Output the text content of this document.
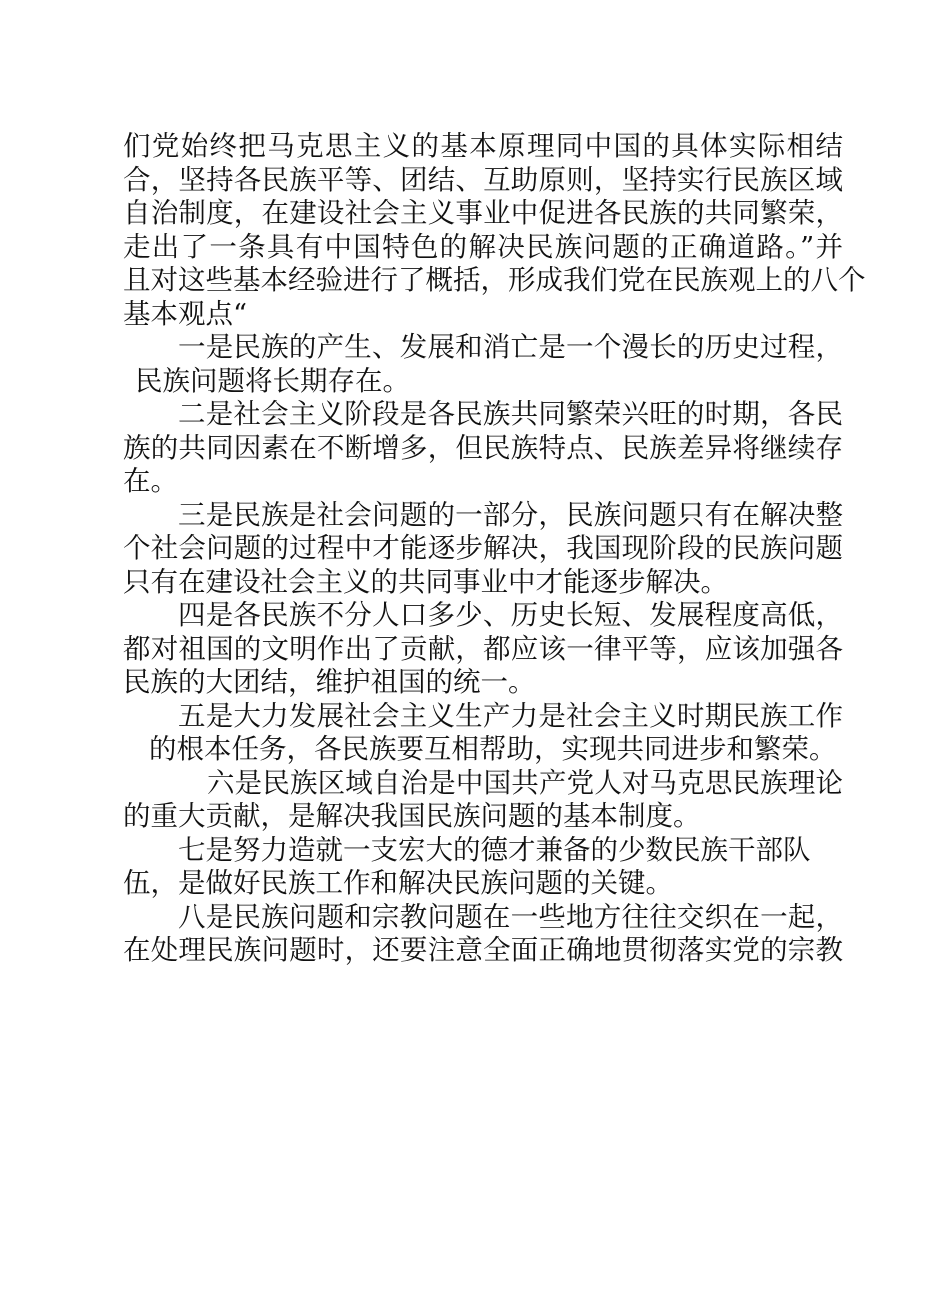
们党始终把马克思主义的基本原理同中国的具体实际相结
合，坚持各民族平等、团结、互助原则，坚持实行民族区域
自治制度，在建设社会主义事业中促进各民族的共同繁荣，
走出了一条具有中国特色的解决民族问题的正确道路。”并
且对这些基本经验进行了概括，形成我们党在民族观上的八个
基本观点“
一是民族的产生、发展和消亡是一个漫长的历史过程，
民族问题将长期存在。
二是社会主义阶段是各民族共同繁荣兴旺的时期，各民
族的共同因素在不断增多，但民族特点、民族差异将继续存
在。
三是民族是社会问题的一部分，民族问题只有在解决整
个社会问题的过程中才能逐步解决，我国现阶段的民族问题
只有在建设社会主义的共同事业中才能逐步解决。
四是各民族不分人口多少、历史长短、发展程度高低，
都对祖国的文明作出了贡献，都应该一律平等，应该加强各
民族的大团结，维护祖国的统一。
五是大力发展社会主义生产力是社会主义时期民族工作
的根本任务，各民族要互相帮助，实现共同进步和繁荣。
六是民族区域自治是中国共产党人对马克思民族理论
的重大贡献，是解决我国民族问题的基本制度。
七是努力造就一支宏大的德才兼备的少数民族干部队
伍，是做好民族工作和解决民族问题的关键。
八是民族问题和宗教问题在一些地方往往交织在一起，
在处理民族问题时，还要注意全面正确地贯彻落实党的宗教
